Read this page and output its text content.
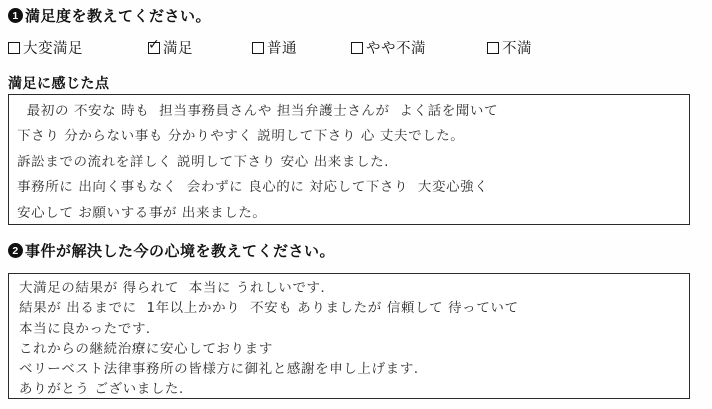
1 満足度を教えてください。
大変満足	✓ 満足	普通	やや不満	不満
満足に感じた点
最初の 不安な 時も  担当事務員さんや 担当弁護士さんが  よく話を聞いて
下さり 分からない事も 分かりやすく 説明して下さり 心 丈夫でした。
訴訟までの流れを詳しく 説明して下さり 安心 出来ました.
事務所に 出向く事もなく  会わずに 良心的に 対応して下さり  大変心強く
安心して お願いする事が 出来ました。
2 事件が解決した今の心境を教えてください。
大満足の結果が 得られて  本当に うれしいです.
結果が 出るまでに  1年以上かかり  不安も ありましたが 信頼して 待っていて
本当に良かったです.
これからの継続治療に安心しております
ベリーベスト法律事務所の皆様方に御礼と感謝を申し上げます.
ありがとう ございました.
